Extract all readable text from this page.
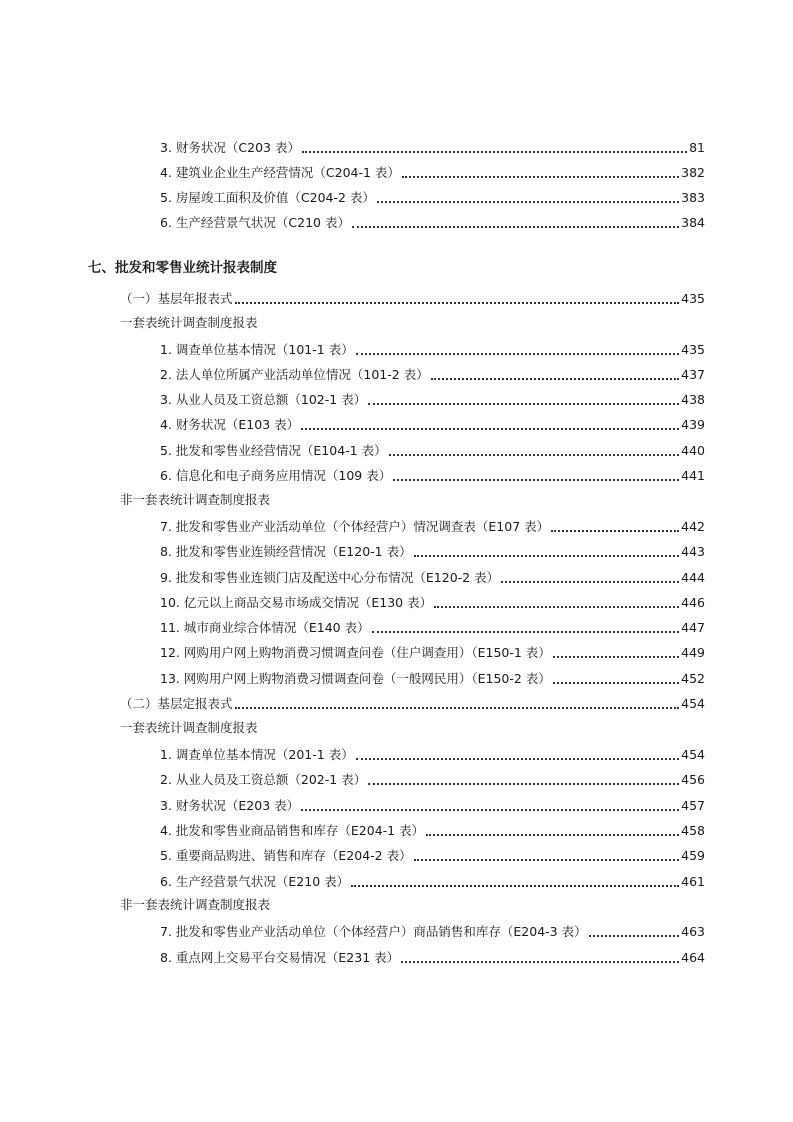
3. 财务状况（C203 表）	81
4. 建筑业企业生产经营情况（C204-1 表）	382
5. 房屋竣工面积及价值（C204-2 表）	383
6. 生产经营景气状况（C210 表）	384
七、批发和零售业统计报表制度
（一）基层年报表式	435
一套表统计调查制度报表
1. 调查单位基本情况（101-1 表）	435
2. 法人单位所属产业活动单位情况（101-2 表）	437
3. 从业人员及工资总额（102-1 表）	438
4. 财务状况（E103 表）	439
5. 批发和零售业经营情况（E104-1 表）	440
6. 信息化和电子商务应用情况（109 表）	441
非一套表统计调查制度报表
7. 批发和零售业产业活动单位（个体经营户）情况调查表（E107 表）	442
8. 批发和零售业连锁经营情况（E120-1 表）	443
9. 批发和零售业连锁门店及配送中心分布情况（E120-2 表）	444
10. 亿元以上商品交易市场成交情况（E130 表）	446
11. 城市商业综合体情况（E140 表）	447
12. 网购用户网上购物消费习惯调查问卷（住户调查用）（E150-1 表）	449
13. 网购用户网上购物消费习惯调查问卷（一般网民用）（E150-2 表）	452
（二）基层定报表式	454
一套表统计调查制度报表
1. 调查单位基本情况（201-1 表）	454
2. 从业人员及工资总额（202-1 表）	456
3. 财务状况（E203 表）	457
4. 批发和零售业商品销售和库存（E204-1 表）	458
5. 重要商品购进、销售和库存（E204-2 表）	459
6. 生产经营景气状况（E210 表）	461
非一套表统计调查制度报表
7. 批发和零售业产业活动单位（个体经营户）商品销售和库存（E204-3 表）	463
8. 重点网上交易平台交易情况（E231 表）	464
